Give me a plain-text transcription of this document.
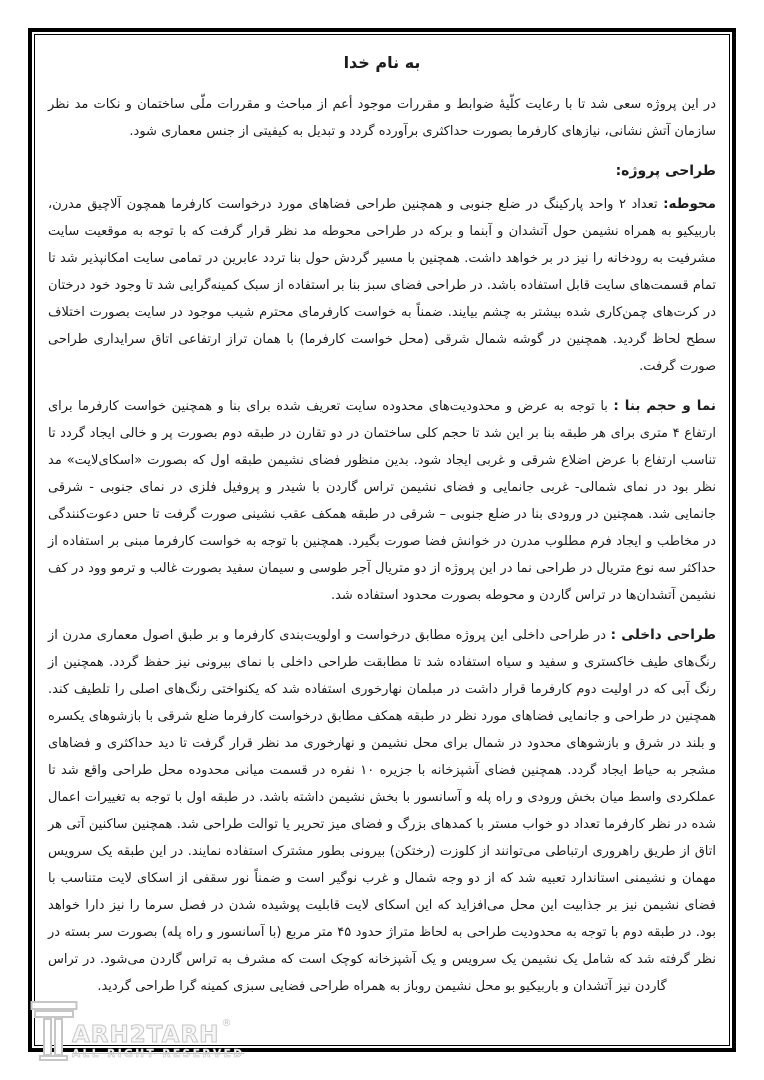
به نام خدا

در این پروژه سعی شد تا با رعایت کلّیهٔ ضوابط و مقررات موجود أعم از مباحث و مقررات ملّی ساختمان و نکات مد نظر سازمان آتش نشانی، نیازهای کارفرما بصورت حداکثری برآورده گردد و تبدیل به کیفیتی از جنس معماری شود.

طراحی پروژه:

محوطه: تعداد ۲ واحد پارکینگ در ضلع جنوبی و همچنین طراحی فضاهای مورد درخواست کارفرما همچون آلاچیق مدرن، باربیکیو به همراه نشیمن حول آتشدان و آبنما و برکه در طراحی محوطه مد نظر قرار گرفت که با توجه به موقعیت سایت مشرفیت به رودخانه را نیز در بر خواهد داشت. همچنین با مسیر گردش حول بنا تردد عابرین در تمامی سایت امکانپذیر شد تا تمام قسمت‌های سایت قابل استفاده باشد. در طراحی فضای سبز بنا بر استفاده از سبک کمینه‌گرایی شد تا وجود خود درختان در کرت‌های چمن‌کاری شده بیشتر به چشم بیایند. ضمناً به خواست کارفرمای محترم شیب موجود در سایت بصورت اختلاف سطح لحاظ گردید. همچنین در گوشه شمال شرقی (محل خواست کارفرما) با همان تراز ارتفاعی اتاق سرایداری طراحی صورت گرفت.

نما و حجم بنا : با توجه به عرض و محدودیت‌های محدوده سایت تعریف شده برای بنا و همچنین خواست کارفرما برای ارتفاع ۴ متری برای هر طبقه بنا بر این شد تا حجم کلی ساختمان در دو تقارن در طبقه دوم بصورت پر و خالی ایجاد گردد تا تناسب ارتفاع با عرض اضلاع شرقی و غربی ایجاد شود. بدین منظور فضای نشیمن طبقه اول که بصورت «اسکای‌لایت» مد نظر بود در نمای شمالی- غربی جانمایی و فضای نشیمن تراس گاردن با شیدر و پروفیل فلزی در نمای جنوبی - شرقی جانمایی شد. همچنین در ورودی بنا در ضلع جنوبی – شرقی در طبقه همکف عقب نشینی صورت گرفت تا حس دعوت‌کنندگی در مخاطب و ایجاد فرم مطلوب مدرن در خوانش فضا صورت بگیرد. همچنین با توجه به خواست کارفرما مبنی بر استفاده از حداکثر سه نوع متریال در طراحی نما در این پروژه از دو متریال آجر طوسی و سیمان سفید بصورت غالب و ترمو وود در کف نشیمن آتشدان‌ها در تراس گاردن و محوطه بصورت محدود استفاده شد.

طراحی داخلی : در طراحی داخلی این پروژه مطابق درخواست و اولویت‌بندی کارفرما و بر طبق اصول معماری مدرن از رنگ‌های طیف خاکستری و سفید و سیاه استفاده شد تا مطابقت طراحی داخلی با نمای بیرونی نیز حفظ گردد. همچنین از رنگ آبی که در اولیت دوم کارفرما قرار داشت در مبلمان نهارخوری استفاده شد که یکنواختی رنگ‌های اصلی را تلطیف کند. همچنین در طراحی و جانمایی فضاهای مورد نظر در طبقه همکف مطابق درخواست کارفرما ضلع شرقی با بازشوهای یکسره و بلند در شرق و بازشوهای محدود در شمال برای محل نشیمن و نهارخوری مد نظر قرار گرفت تا دید حداکثری و فضاهای مشجر به حیاط ایجاد گردد. همچنین فضای آشپزخانه با جزیره ۱۰ نفره در قسمت میانی محدوده محل طراحی واقع شد تا عملکردی واسط میان بخش ورودی و راه پله و آسانسور با بخش نشیمن داشته باشد. در طبقه اول با توجه به تغییرات اعمال شده در نظر کارفرما تعداد دو خواب مستر با کمدهای بزرگ و فضای میز تحریر یا توالت طراحی شد. همچنین ساکنین آتی هر اتاق از طریق راهروری ارتباطی می‌توانند از کلوزت (رختکن) بیرونی بطور مشترک استفاده نمایند. در این طبقه یک سرویس مهمان و نشیمنی استاندارد تعبیه شد که از دو وجه شمال و غرب نوگیر است و ضمناً نور سقفی از اسکای لایت متناسب با فضای نشیمن نیز بر جذابیت این محل می‌افزاید که این اسکای لایت قابلیت پوشیده شدن در فصل سرما را نیز دارا خواهد بود. در طبقه دوم با توجه به محدودیت طراحی به لحاظ متراژ حدود ۴۵ متر مربع (با آسانسور و راه پله) بصورت سر بسته در نظر گرفته شد که شامل یک نشیمن یک سرویس و یک آشپزخانه کوچک است که مشرف به تراس گاردن می‌شود. در تراس گاردن نیز آتشدان و باربیکیو بو محل نشیمن روباز به همراه طراحی فضایی سبزی کمینه گرا طراحی گردید.

ARH2TARH ®
ALL RIGHT RESERVED
